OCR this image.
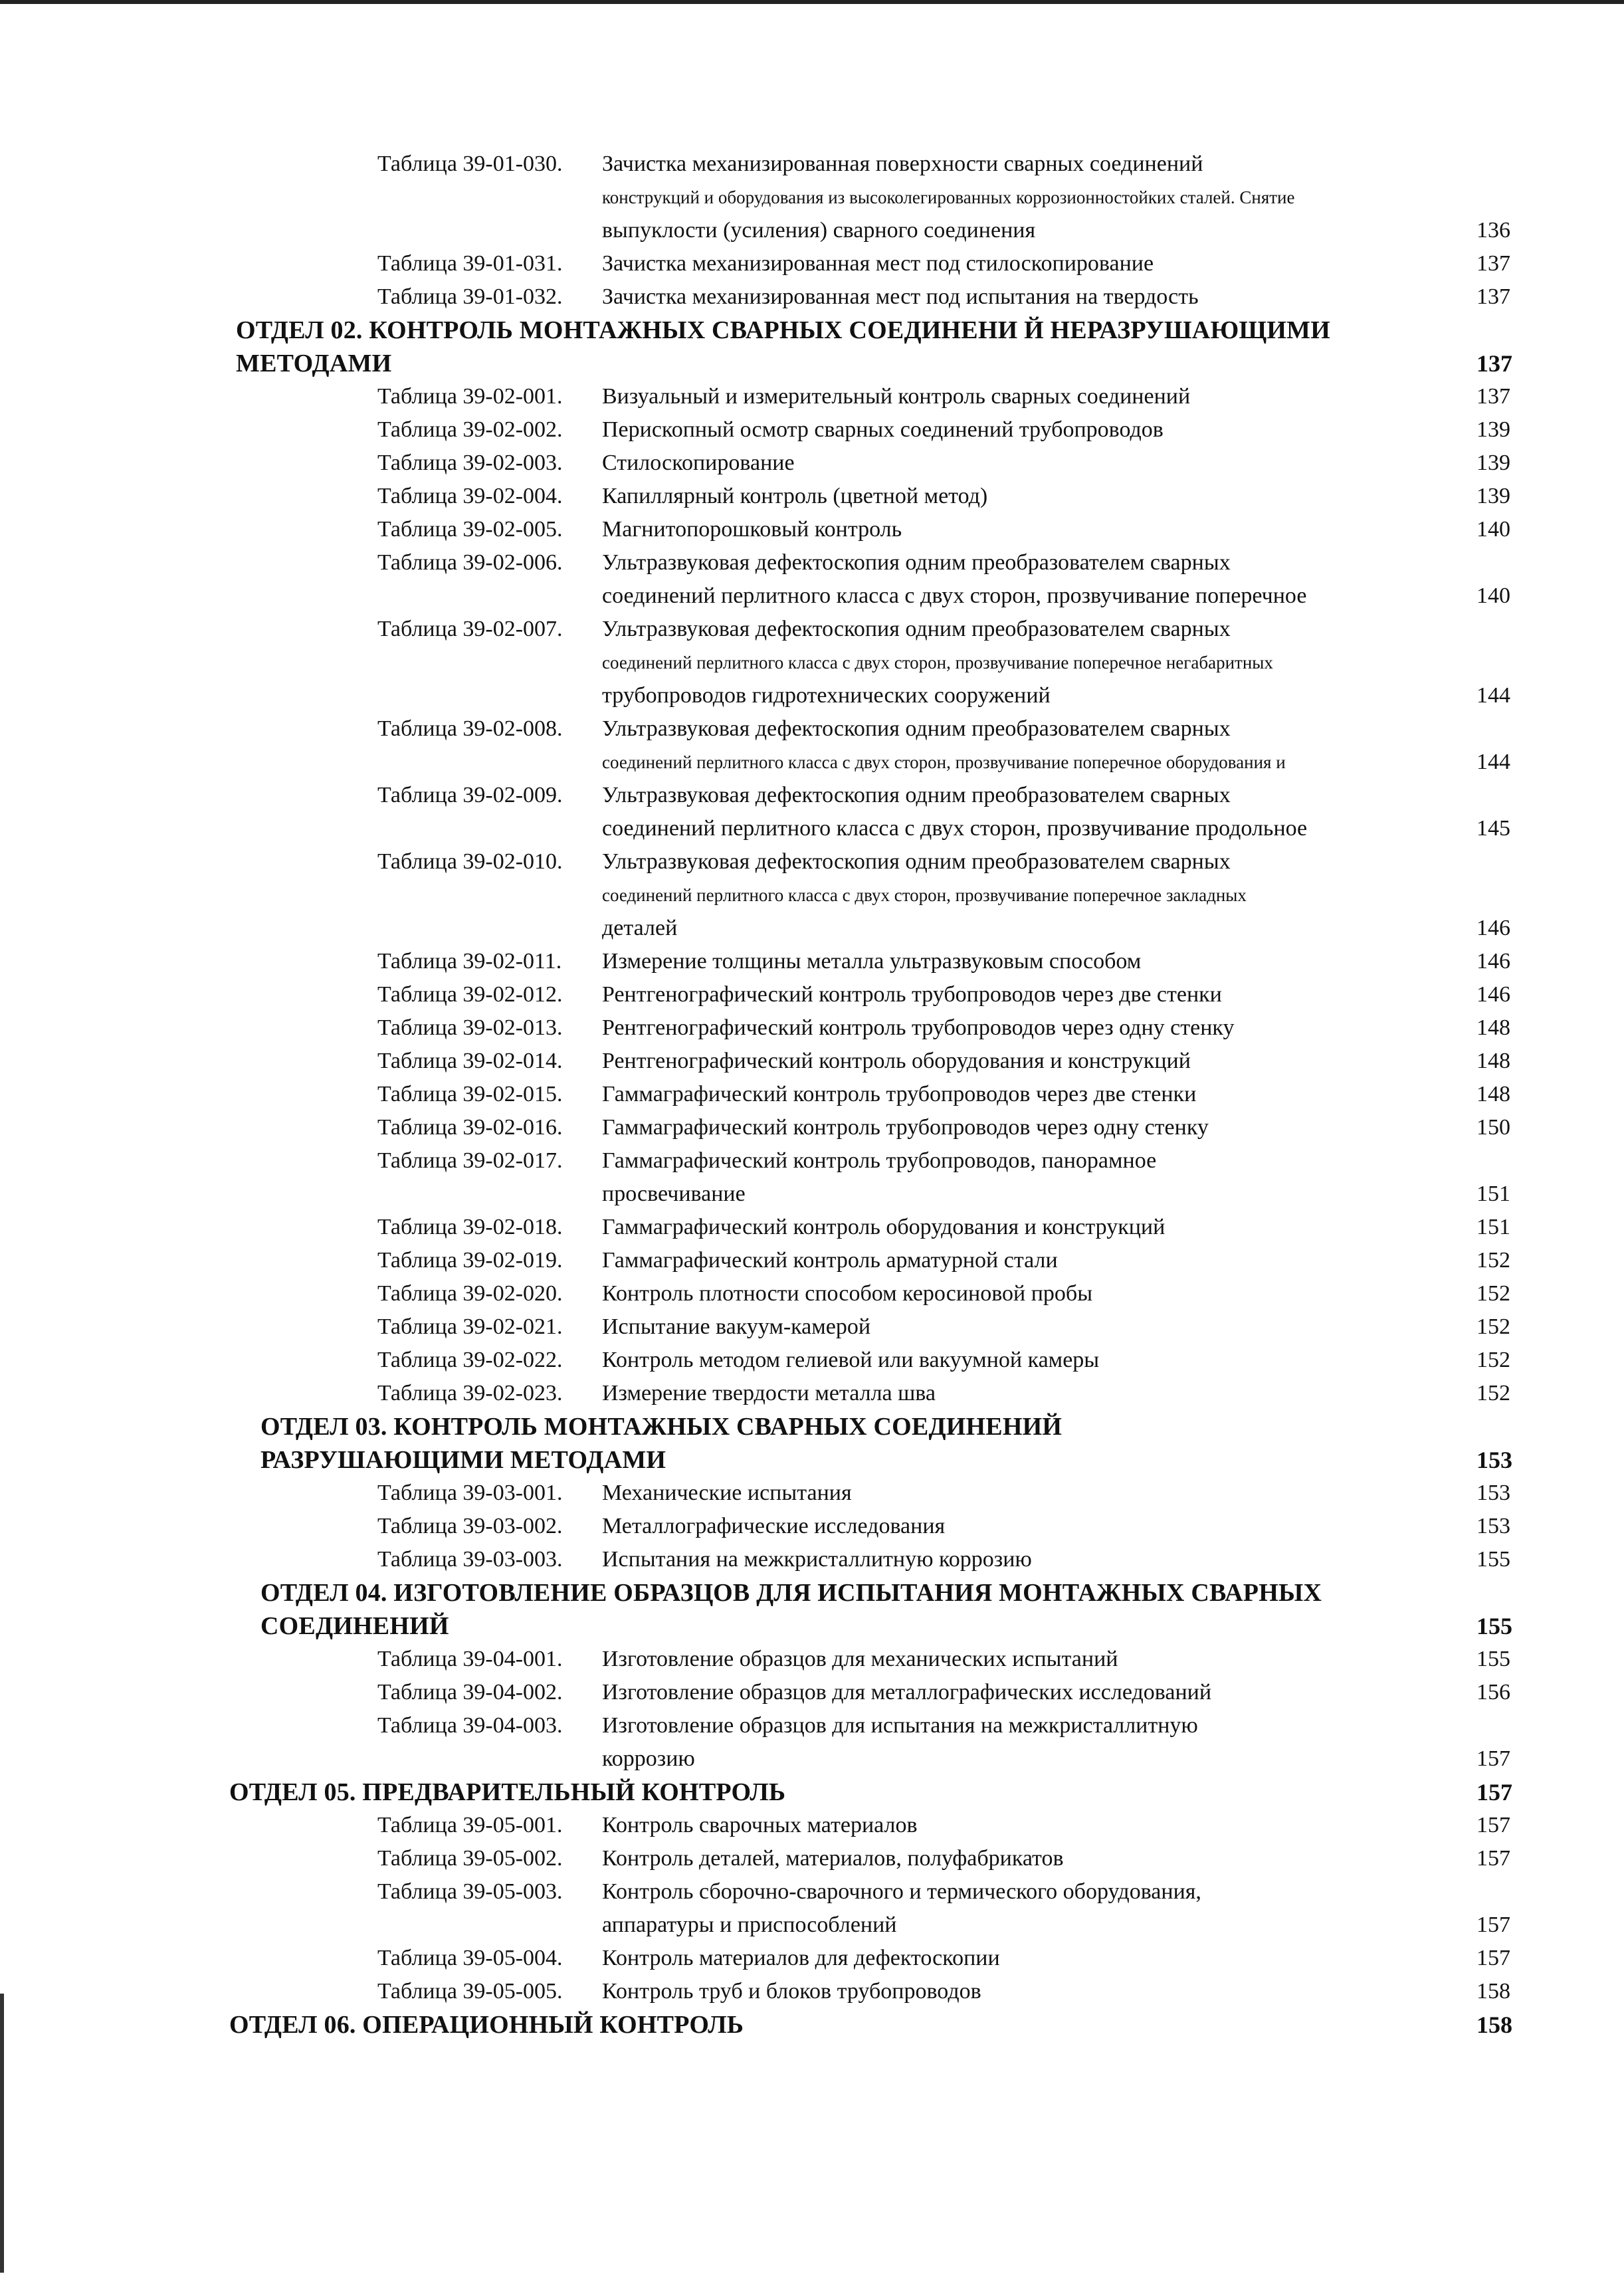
Таблица 39-01-030. Зачистка механизированная поверхности сварных соединений
конструкций и оборудования из высоколегированных коррозионностойких сталей. Снятие
выпуклости (усиления) сварного соединения	136
Таблица 39-01-031. Зачистка механизированная мест под стилоскопирование	137
Таблица 39-01-032. Зачистка механизированная мест под испытания на твердость	137
ОТДЕЛ 02. КОНТРОЛЬ МОНТАЖНЫХ СВАРНЫХ СОЕДИНЕНИ Й НЕРАЗРУШАЮЩИМИ
МЕТОДАМИ	137
Таблица 39-02-001. Визуальный и измерительный контроль сварных соединений	137
Таблица 39-02-002. Перископный осмотр сварных соединений трубопроводов	139
Таблица 39-02-003. Стилоскопирование	139
Таблица 39-02-004. Капиллярный контроль (цветной метод)	139
Таблица 39-02-005. Магнитопорошковый контроль	140
Таблица 39-02-006. Ультразвуковая дефектоскопия одним преобразователем сварных
соединений перлитного класса с двух сторон, прозвучивание поперечное	140
Таблица 39-02-007. Ультразвуковая дефектоскопия одним преобразователем сварных
соединений перлитного класса с двух сторон, прозвучивание поперечное негабаритных
трубопроводов гидротехнических сооружений	144
Таблица 39-02-008. Ультразвуковая дефектоскопия одним преобразователем сварных
соединений перлитного класса с двух сторон, прозвучивание поперечное оборудования и	144
Таблица 39-02-009. Ультразвуковая дефектоскопия одним преобразователем сварных
соединений перлитного класса с двух сторон, прозвучивание продольное	145
Таблица 39-02-010. Ультразвуковая дефектоскопия одним преобразователем сварных
соединений перлитного класса с двух сторон, прозвучивание поперечное закладных
деталей	146
Таблица 39-02-011. Измерение толщины металла ультразвуковым способом	146
Таблица 39-02-012. Рентгенографический контроль трубопроводов через две стенки	146
Таблица 39-02-013. Рентгенографический контроль трубопроводов через одну стенку	148
Таблица 39-02-014. Рентгенографический контроль оборудования и конструкций	148
Таблица 39-02-015. Гаммаграфический контроль трубопроводов через две стенки	148
Таблица 39-02-016. Гаммаграфический контроль трубопроводов через одну стенку	150
Таблица 39-02-017. Гаммаграфический контроль трубопроводов, панорамное
просвечивание	151
Таблица 39-02-018. Гаммаграфический контроль оборудования и конструкций	151
Таблица 39-02-019. Гаммаграфический контроль арматурной стали	152
Таблица 39-02-020. Контроль плотности способом керосиновой пробы	152
Таблица 39-02-021. Испытание вакуум-камерой	152
Таблица 39-02-022. Контроль методом гелиевой или вакуумной камеры	152
Таблица 39-02-023. Измерение твердости металла шва	152
ОТДЕЛ 03. КОНТРОЛЬ МОНТАЖНЫХ СВАРНЫХ СОЕДИНЕНИЙ
РАЗРУШАЮЩИМИ МЕТОДАМИ	153
Таблица 39-03-001. Механические испытания	153
Таблица 39-03-002. Металлографические исследования	153
Таблица 39-03-003. Испытания на межкристаллитную коррозию	155
ОТДЕЛ 04. ИЗГОТОВЛЕНИЕ ОБРАЗЦОВ ДЛЯ ИСПЫТАНИЯ МОНТАЖНЫХ СВАРНЫХ
СОЕДИНЕНИЙ	155
Таблица 39-04-001. Изготовление образцов для механических испытаний	155
Таблица 39-04-002. Изготовление образцов для металлографических исследований	156
Таблица 39-04-003. Изготовление образцов для испытания на межкристаллитную
коррозию	157
ОТДЕЛ 05. ПРЕДВАРИТЕЛЬНЫЙ КОНТРОЛЬ	157
Таблица 39-05-001. Контроль сварочных материалов	157
Таблица 39-05-002. Контроль деталей, материалов, полуфабрикатов	157
Таблица 39-05-003. Контроль сборочно-сварочного и термического оборудования,
аппаратуры и приспособлений	157
Таблица 39-05-004. Контроль материалов для дефектоскопии	157
Таблица 39-05-005. Контроль труб и блоков трубопроводов	158
ОТДЕЛ 06. ОПЕРАЦИОННЫЙ КОНТРОЛЬ	158
